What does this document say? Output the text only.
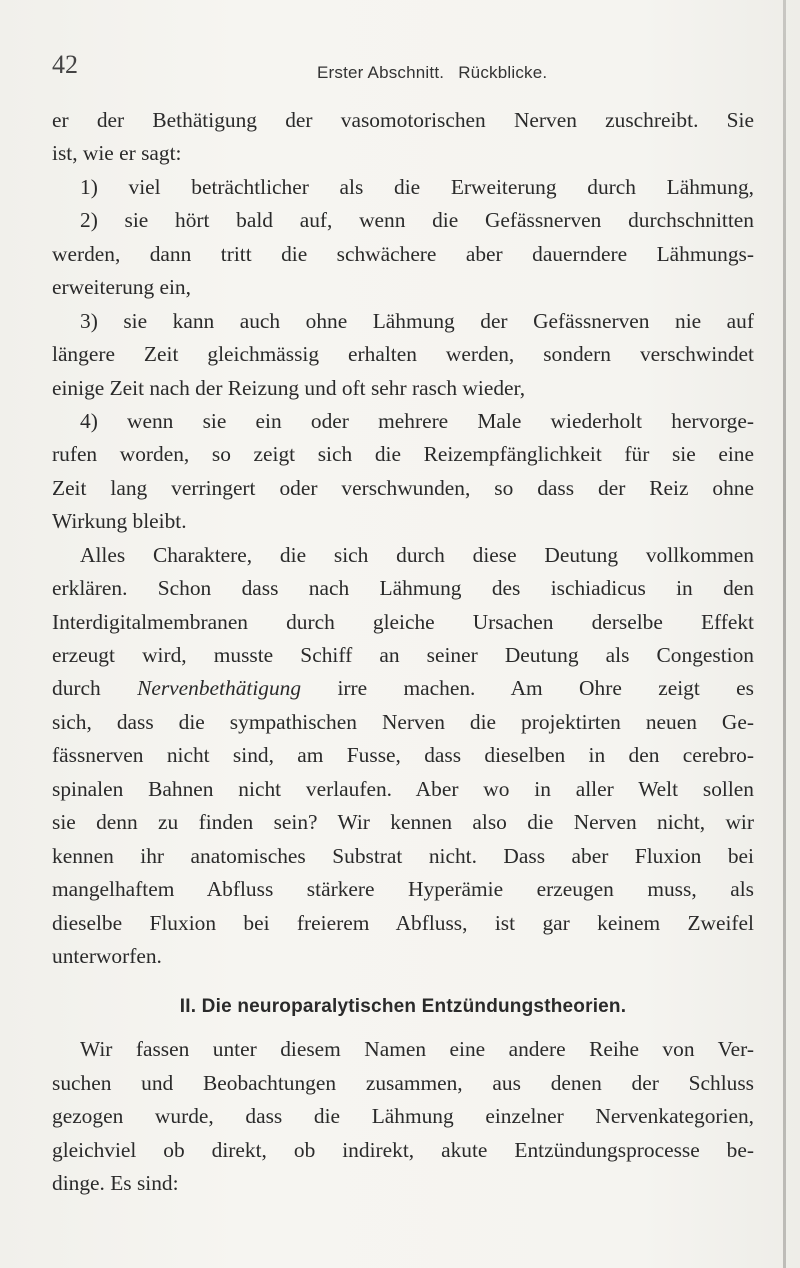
42	Erster Abschnitt. Rückblicke.
er der Bethätigung der vasomotorischen Nerven zuschreibt. Sie
ist, wie er sagt:
1) viel beträchtlicher als die Erweiterung durch Lähmung,
2) sie hört bald auf, wenn die Gefässnerven durchschnitten
werden, dann tritt die schwächere aber dauerndere Lähmungs-
erweiterung ein,
3) sie kann auch ohne Lähmung der Gefässnerven nie auf
längere Zeit gleichmässig erhalten werden, sondern verschwindet
einige Zeit nach der Reizung und oft sehr rasch wieder,
4) wenn sie ein oder mehrere Male wiederholt hervorge-
rufen worden, so zeigt sich die Reizempfänglichkeit für sie eine
Zeit lang verringert oder verschwunden, so dass der Reiz ohne
Wirkung bleibt.
Alles Charaktere, die sich durch diese Deutung vollkommen
erklären. Schon dass nach Lähmung des ischiadicus in den
Interdigitalmembranen durch gleiche Ursachen derselbe Effekt
erzeugt wird, musste Schiff an seiner Deutung als Congestion
durch Nervenbethätigung irre machen. Am Ohre zeigt es
sich, dass die sympathischen Nerven die projektirten neuen Ge-
fässnerven nicht sind, am Fusse, dass dieselben in den cerebro-
spinalen Bahnen nicht verlaufen. Aber wo in aller Welt sollen
sie denn zu finden sein? Wir kennen also die Nerven nicht, wir
kennen ihr anatomisches Substrat nicht. Dass aber Fluxion bei
mangelhaftem Abfluss stärkere Hyperämie erzeugen muss, als
dieselbe Fluxion bei freierem Abfluss, ist gar keinem Zweifel
unterworfen.
II. Die neuroparalytischen Entzündungstheorien.
Wir fassen unter diesem Namen eine andere Reihe von Ver-
suchen und Beobachtungen zusammen, aus denen der Schluss
gezogen wurde, dass die Lähmung einzelner Nervenkategorien,
gleichviel ob direkt, ob indirekt, akute Entzündungsprocesse be-
dinge. Es sind:
